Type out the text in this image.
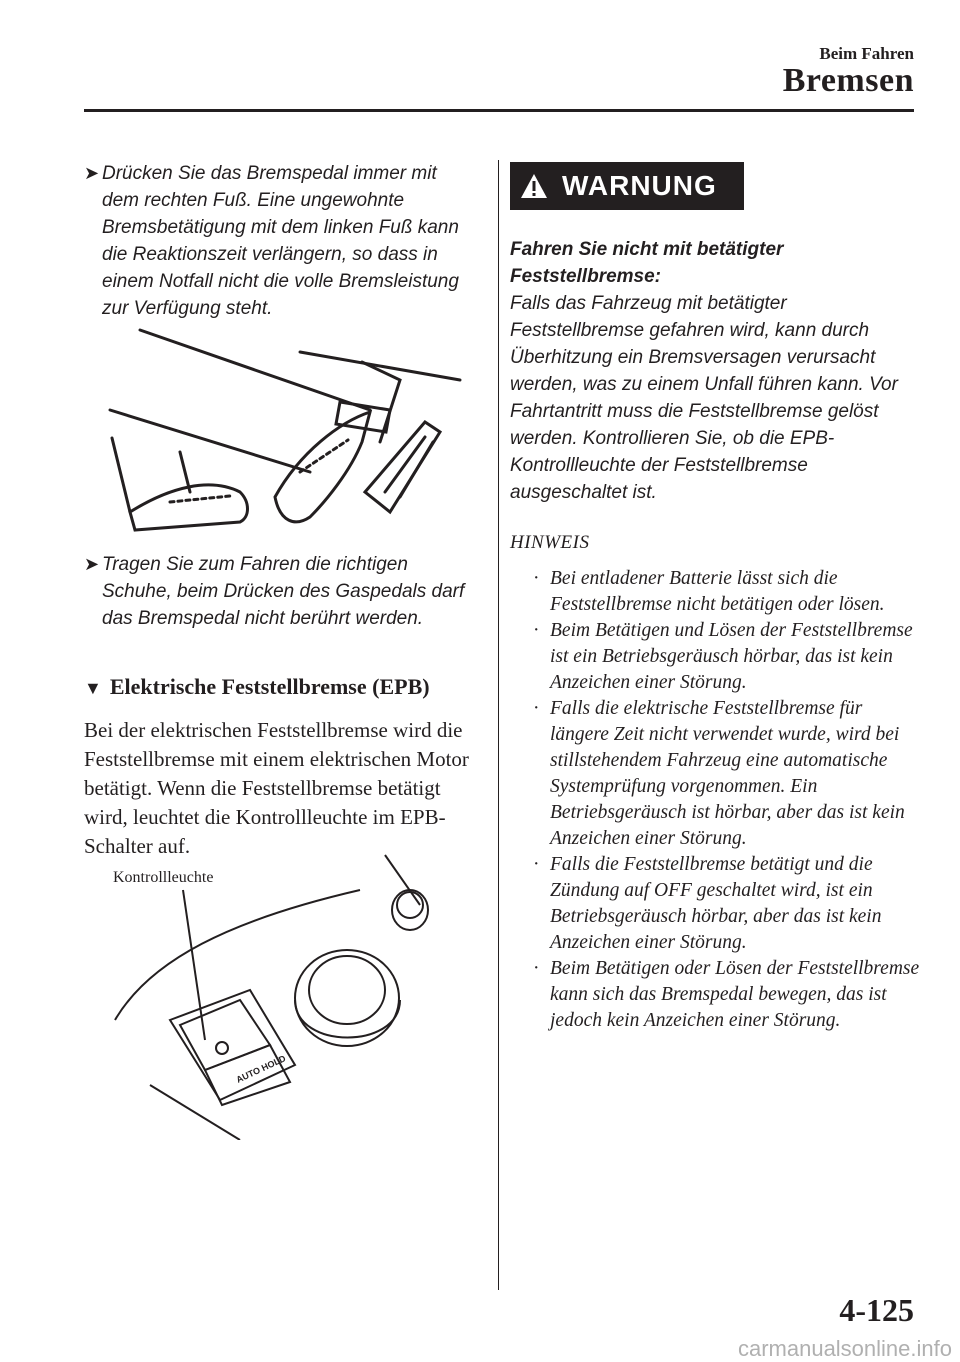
Beim Fahren
Bremsen
➤ Drücken Sie das Bremspedal immer mit dem rechten Fuß. Eine ungewohnte Bremsbetätigung mit dem linken Fuß kann die Reaktionszeit verlängern, so dass in einem Notfall nicht die volle Bremsleistung zur Verfügung steht.
➤ Tragen Sie zum Fahren die richtigen Schuhe, beim Drücken des Gaspedals darf das Bremspedal nicht berührt werden.
▼ Elektrische Feststellbremse (EPB)
Bei der elektrischen Feststellbremse wird die Feststellbremse mit einem elektrischen Motor betätigt. Wenn die Feststellbremse betätigt wird, leuchtet die Kontrollleuchte im EPB-Schalter auf.
Kontrollleuchte
AUTO HOLD
WARNUNG
Fahren Sie nicht mit betätigter Feststellbremse:
Falls das Fahrzeug mit betätigter Feststellbremse gefahren wird, kann durch Überhitzung ein Bremsversagen verursacht werden, was zu einem Unfall führen kann. Vor Fahrtantritt muss die Feststellbremse gelöst werden. Kontrollieren Sie, ob die EPB-Kontrollleuchte der Feststellbremse ausgeschaltet ist.
HINWEIS
· Bei entladener Batterie lässt sich die Feststellbremse nicht betätigen oder lösen.
· Beim Betätigen und Lösen der Feststellbremse ist ein Betriebsgeräusch hörbar, das ist kein Anzeichen einer Störung.
· Falls die elektrische Feststellbremse für längere Zeit nicht verwendet wurde, wird bei stillstehendem Fahrzeug eine automatische Systemprüfung vorgenommen. Ein Betriebsgeräusch ist hörbar, aber das ist kein Anzeichen einer Störung.
· Falls die Feststellbremse betätigt und die Zündung auf OFF geschaltet wird, ist ein Betriebsgeräusch hörbar, aber das ist kein Anzeichen einer Störung.
· Beim Betätigen oder Lösen der Feststellbremse kann sich das Bremspedal bewegen, das ist jedoch kein Anzeichen einer Störung.
4-125
carmanualsonline.info
